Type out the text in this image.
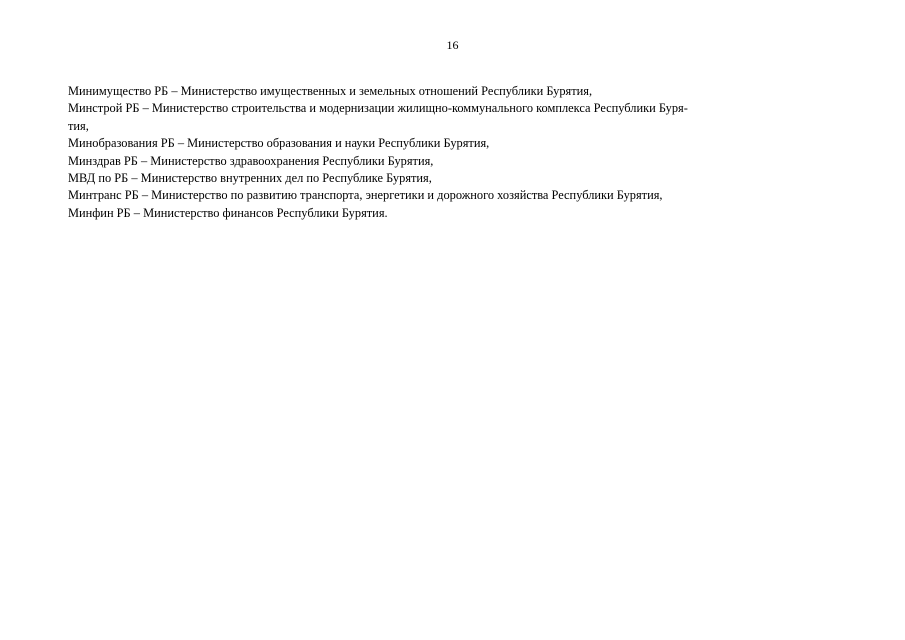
16
Минимущество РБ – Министерство имущественных и земельных отношений Республики Бурятия,
Минстрой РБ – Министерство строительства и модернизации жилищно-коммунального комплекса Республики Буря-
тия,
Минобразования РБ – Министерство образования и науки Республики Бурятия,
Минздрав РБ – Министерство здравоохранения Республики Бурятия,
МВД по РБ – Министерство внутренних дел по Республике Бурятия,
Минтранс РБ – Министерство по развитию транспорта, энергетики и дорожного хозяйства Республики Бурятия,
Минфин РБ – Министерство финансов Республики Бурятия.
